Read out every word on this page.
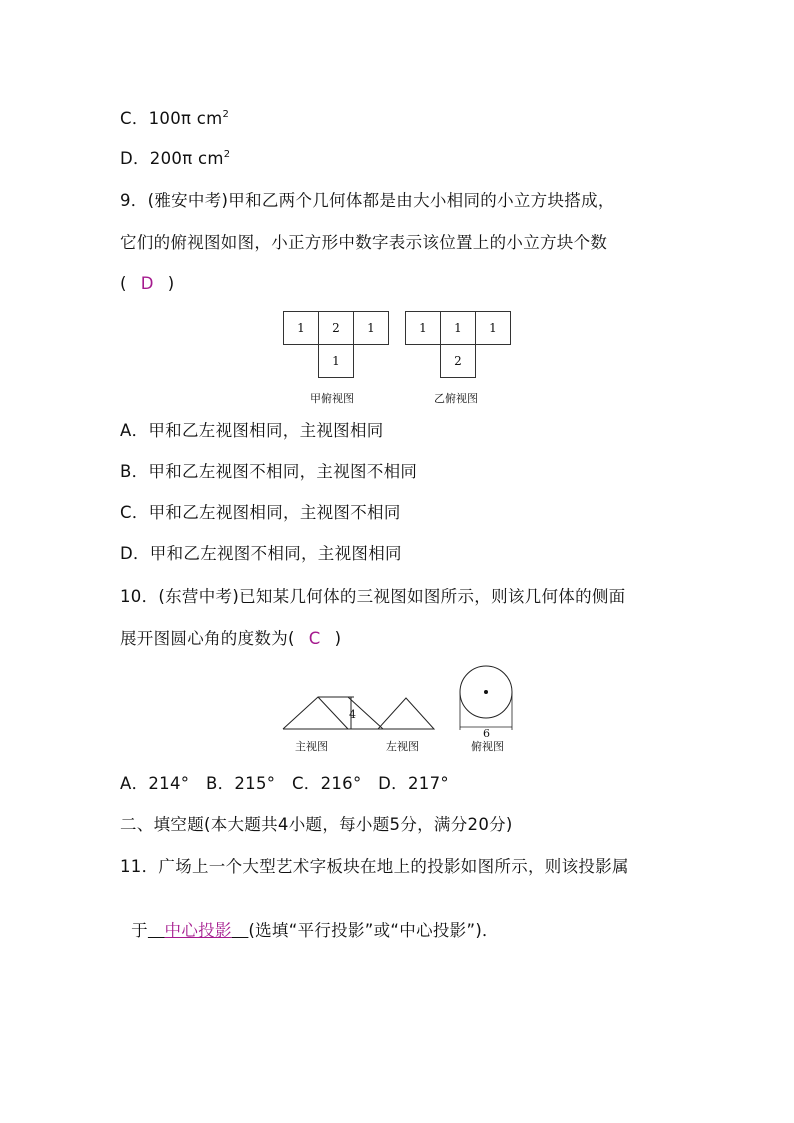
C．100π $cm^2$
D．200π $cm^2$
9．(雅安中考)甲和乙两个几何体都是由大小相同的小立方块搭成，
它们的俯视图如图，小正方形中数字表示该位置上的小立方块个数
( D )
1	2	1
1
甲俯视图
1	1	1
2
乙俯视图
A．甲和乙左视图相同，主视图相同
B．甲和乙左视图不相同，主视图不相同
C．甲和乙左视图相同，主视图不相同
D．甲和乙左视图不相同，主视图相同
10．(东营中考)已知某几何体的三视图如图所示，则该几何体的侧面
展开图圆心角的度数为( C )
4
6
主视图	左视图	俯视图
A．214°   B．215°   C．216°   D．217°
二、填空题(本大题共4小题，每小题5分，满分20分)
11．广场上一个大型艺术字板块在地上的投影如图所示，则该投影属

于 中心投影 (选填“平行投影”或“中心投影”)．
